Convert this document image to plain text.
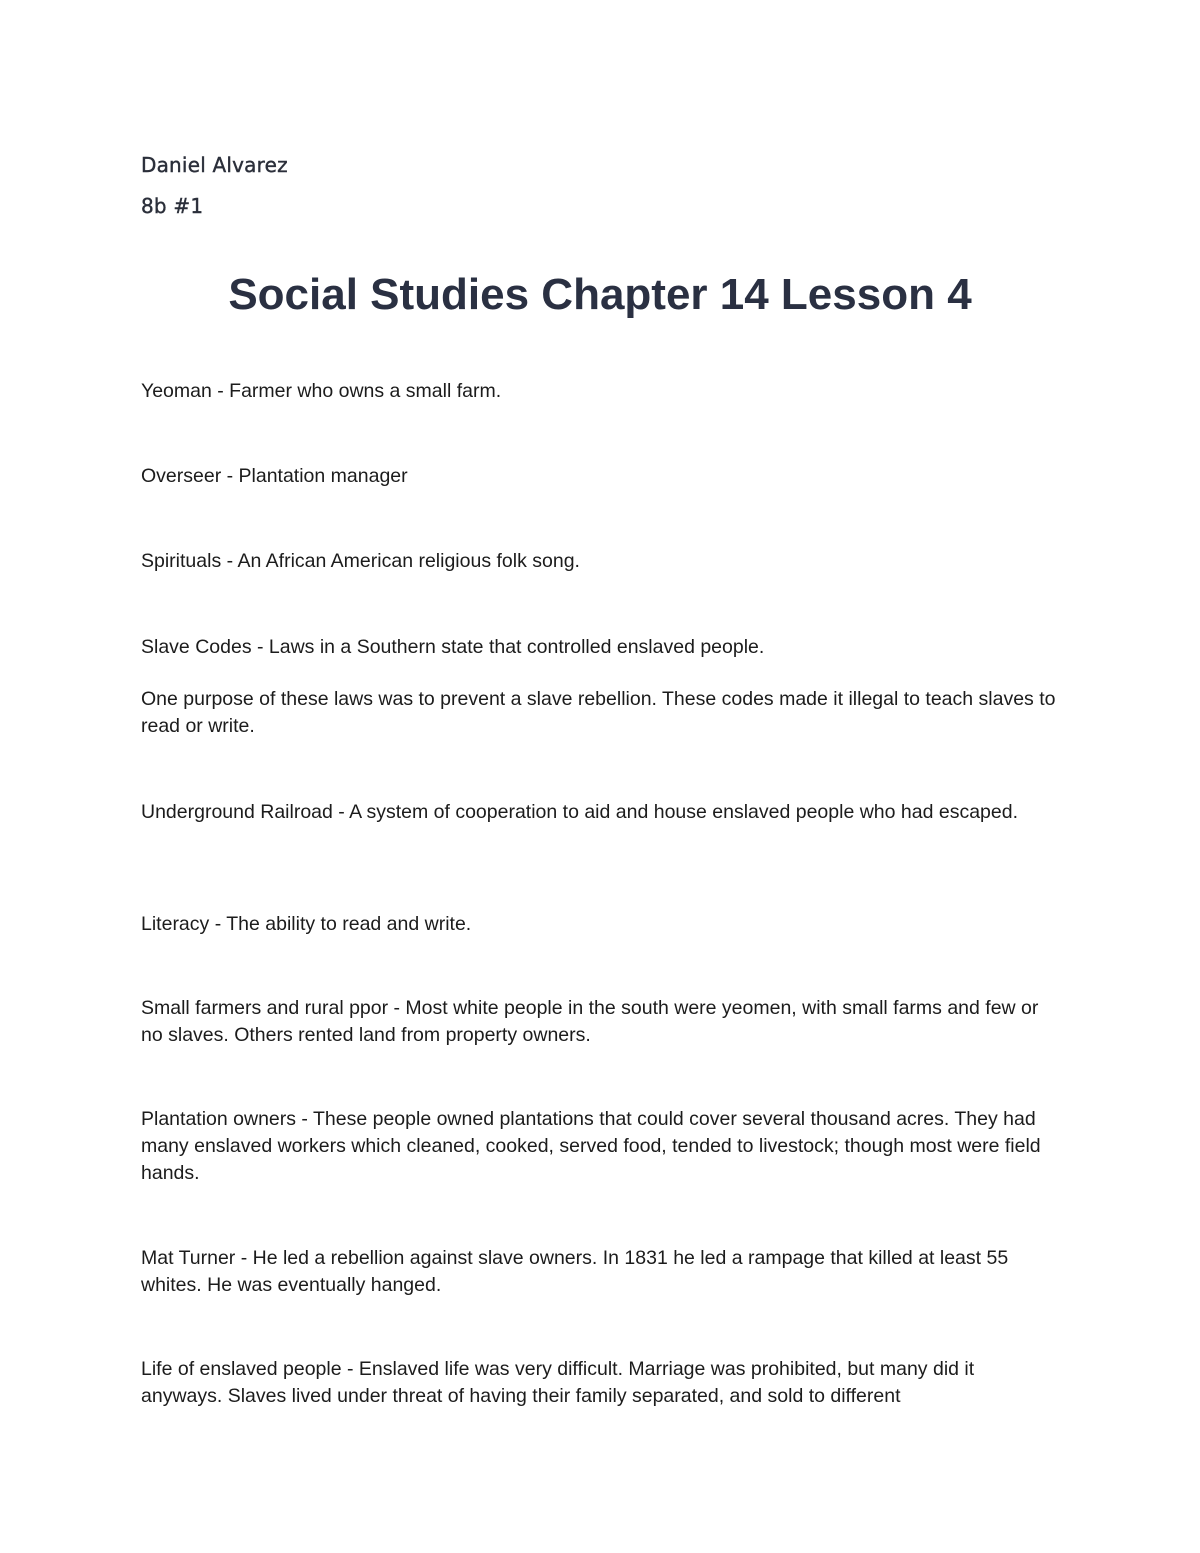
Daniel Alvarez
8b #1
Social Studies Chapter 14 Lesson 4

Yeoman - Farmer who owns a small farm.

Overseer - Plantation manager

Spirituals - An African American religious folk song.

Slave Codes - Laws in a Southern state that controlled enslaved people.

One purpose of these laws was to prevent a slave rebellion. These codes made it illegal to teach slaves to read or write.

Underground Railroad - A system of cooperation to aid and house enslaved people who had escaped.

Literacy - The ability to read and write.

Small farmers and rural ppor - Most white people in the south were yeomen, with small farms and few or no slaves. Others rented land from property owners.

Plantation owners - These people owned plantations that could cover several thousand acres. They had many enslaved workers which cleaned, cooked, served food, tended to livestock; though most were field hands.

Mat Turner - He led a rebellion against slave owners. In 1831 he led a rampage that killed at least 55 whites. He was eventually hanged.

Life of enslaved people - Enslaved life was very difficult. Marriage was prohibited, but many did it anyways. Slaves lived under threat of having their family separated, and sold to different
